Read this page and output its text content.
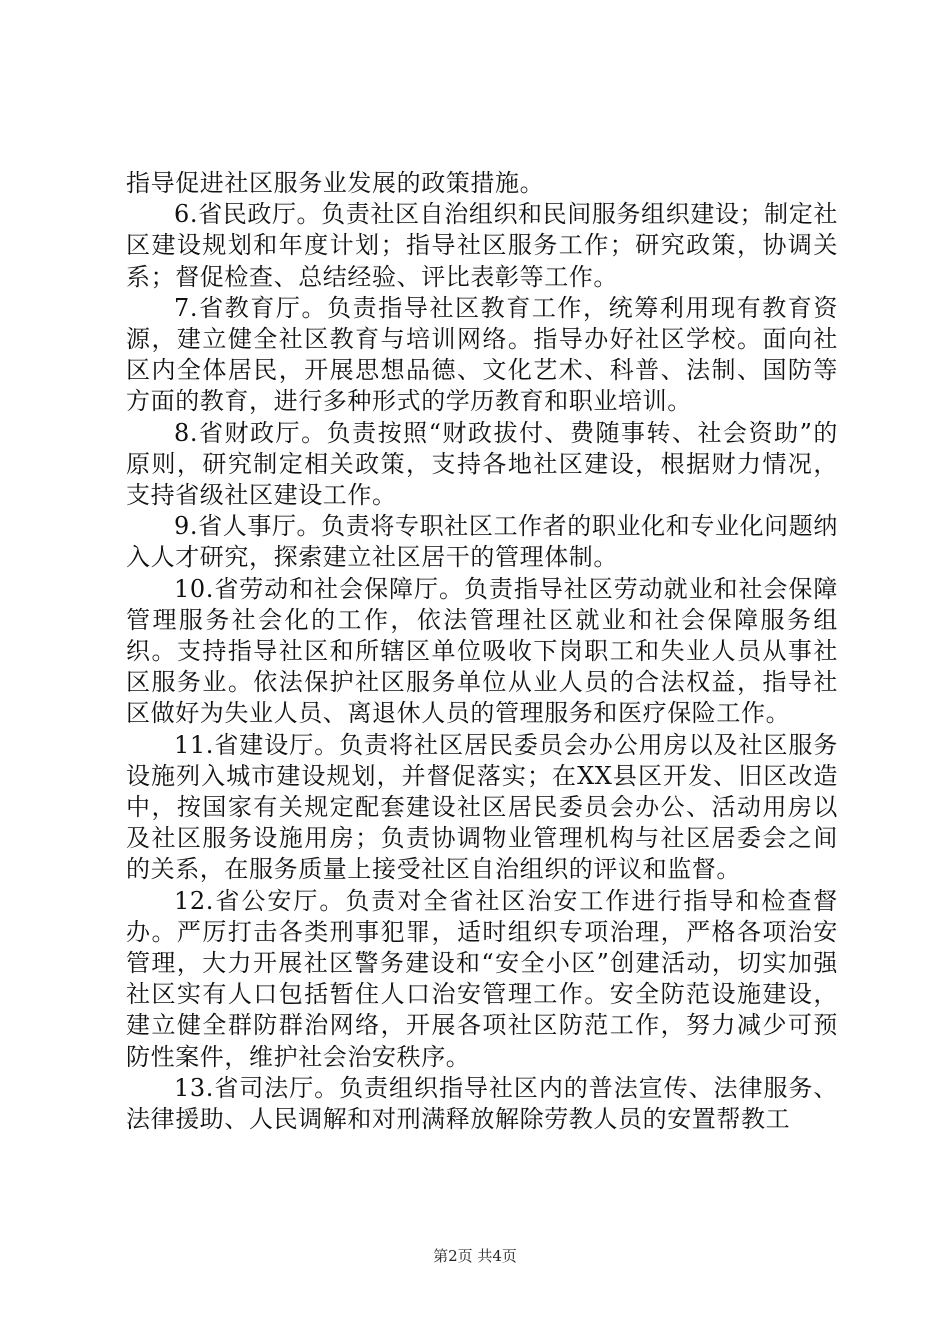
指导促进社区服务业发展的政策措施。

6.省民政厅。负责社区自治组织和民间服务组织建设；制定社区建设规划和年度计划；指导社区服务工作；研究政策，协调关系；督促检查、总结经验、评比表彰等工作。

7.省教育厅。负责指导社区教育工作，统筹利用现有教育资源，建立健全社区教育与培训网络。指导办好社区学校。面向社区内全体居民，开展思想品德、文化艺术、科普、法制、国防等方面的教育，进行多种形式的学历教育和职业培训。

8.省财政厅。负责按照“财政拔付、费随事转、社会资助”的原则，研究制定相关政策，支持各地社区建设，根据财力情况，支持省级社区建设工作。

9.省人事厅。负责将专职社区工作者的职业化和专业化问题纳入人才研究，探索建立社区居干的管理体制。

10.省劳动和社会保障厅。负责指导社区劳动就业和社会保障管理服务社会化的工作，依法管理社区就业和社会保障服务组织。支持指导社区和所辖区单位吸收下岗职工和失业人员从事社区服务业。依法保护社区服务单位从业人员的合法权益，指导社区做好为失业人员、离退休人员的管理服务和医疗保险工作。

11.省建设厅。负责将社区居民委员会办公用房以及社区服务设施列入城市建设规划，并督促落实；在XX县区开发、旧区改造中，按国家有关规定配套建设社区居民委员会办公、活动用房以及社区服务设施用房；负责协调物业管理机构与社区居委会之间的关系，在服务质量上接受社区自治组织的评议和监督。

12.省公安厅。负责对全省社区治安工作进行指导和检查督办。严厉打击各类刑事犯罪，适时组织专项治理，严格各项治安管理，大力开展社区警务建设和“安全小区”创建活动，切实加强社区实有人口包括暂住人口治安管理工作。安全防范设施建设，建立健全群防群治网络，开展各项社区防范工作，努力减少可预防性案件，维护社会治安秩序。

13.省司法厅。负责组织指导社区内的普法宣传、法律服务、法律援助、人民调解和对刑满释放解除劳教人员的安置帮教工

第2页 共4页
